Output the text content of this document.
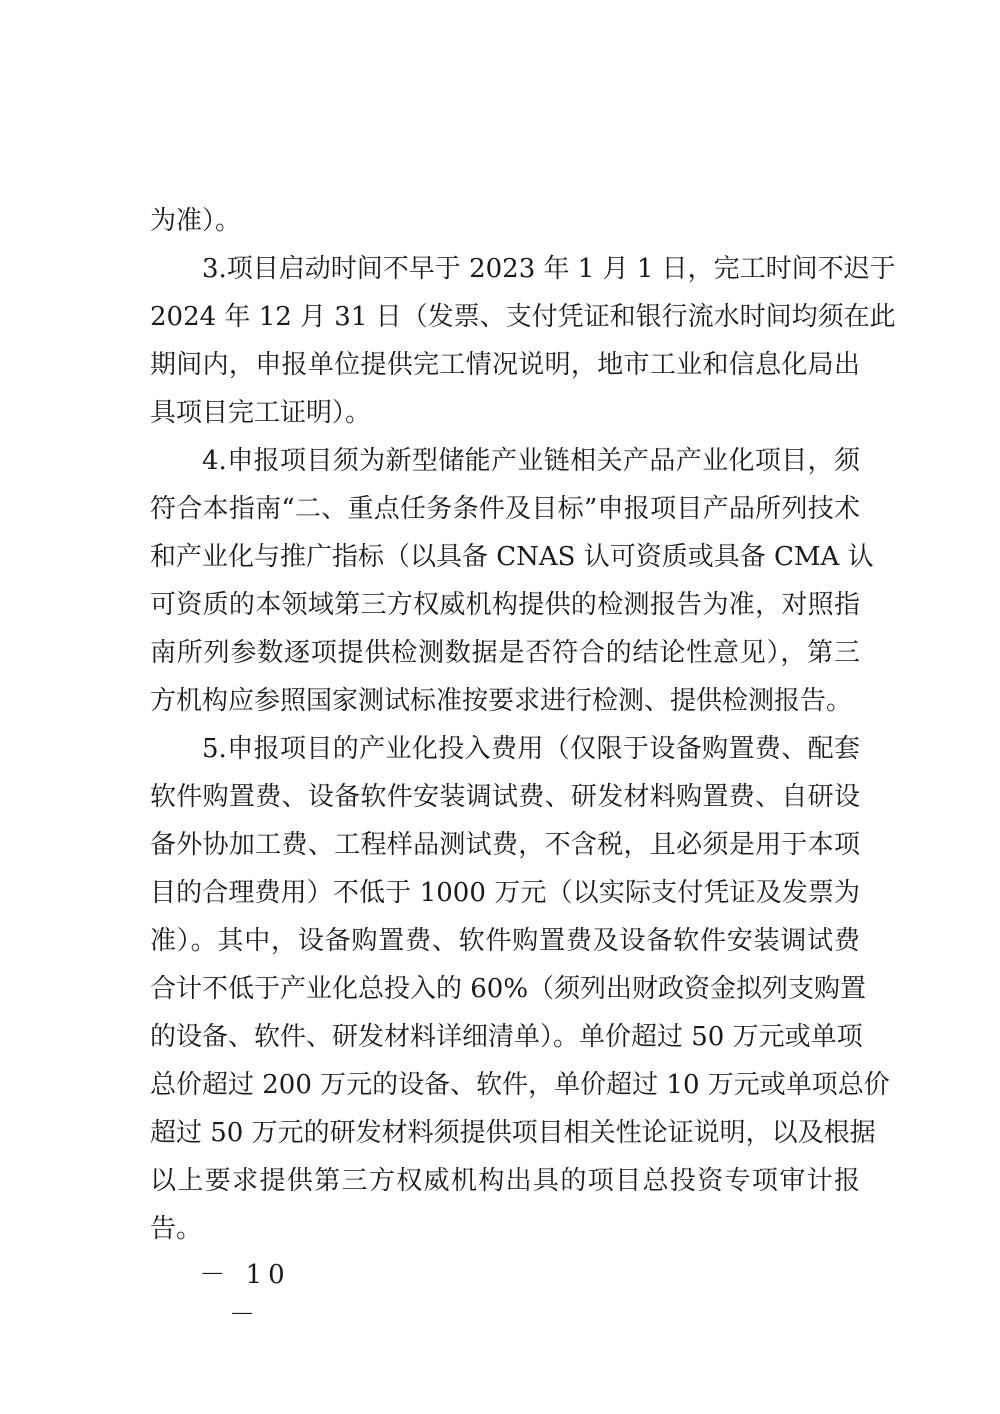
为准）。
3.项目启动时间不早于 2023 年 1 月 1 日，完工时间不迟于
2024 年 12 月 31 日（发票、支付凭证和银行流水时间均须在此
期间内，申报单位提供完工情况说明，地市工业和信息化局出
具项目完工证明）。
4.申报项目须为新型储能产业链相关产品产业化项目，须
符合本指南“二、重点任务条件及目标”申报项目产品所列技术
和产业化与推广指标（以具备 CNAS 认可资质或具备 CMA 认
可资质的本领域第三方权威机构提供的检测报告为准，对照指
南所列参数逐项提供检测数据是否符合的结论性意见），第三
方机构应参照国家测试标准按要求进行检测、提供检测报告。
5.申报项目的产业化投入费用（仅限于设备购置费、配套
软件购置费、设备软件安装调试费、研发材料购置费、自研设
备外协加工费、工程样品测试费，不含税，且必须是用于本项
目的合理费用）不低于 1000 万元（以实际支付凭证及发票为
准）。其中，设备购置费、软件购置费及设备软件安装调试费
合计不低于产业化总投入的 60%（须列出财政资金拟列支购置
的设备、软件、研发材料详细清单）。单价超过 50 万元或单项
总价超过 200 万元的设备、软件，单价超过 10 万元或单项总价
超过 50 万元的研发材料须提供项目相关性论证说明，以及根据
以上要求提供第三方权威机构出具的项目总投资专项审计报
告。
－ 10 －
